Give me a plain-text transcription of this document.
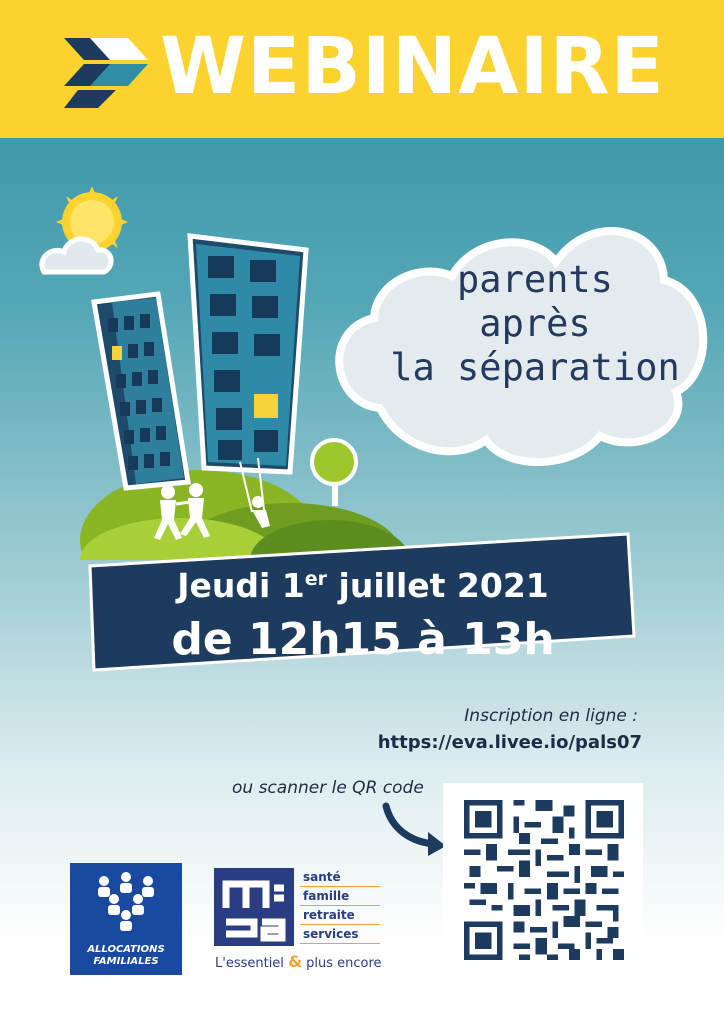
WEBINAIRE
parents
après
la séparation
Jeudi 1er juillet 2021
de 12h15 à 13h
Inscription en ligne :
https://eva.livee.io/pals07
ou scanner le QR code
ALLOCATIONS
FAMILIALES
santé
famille
retraite
services
L'essentiel & plus encore
